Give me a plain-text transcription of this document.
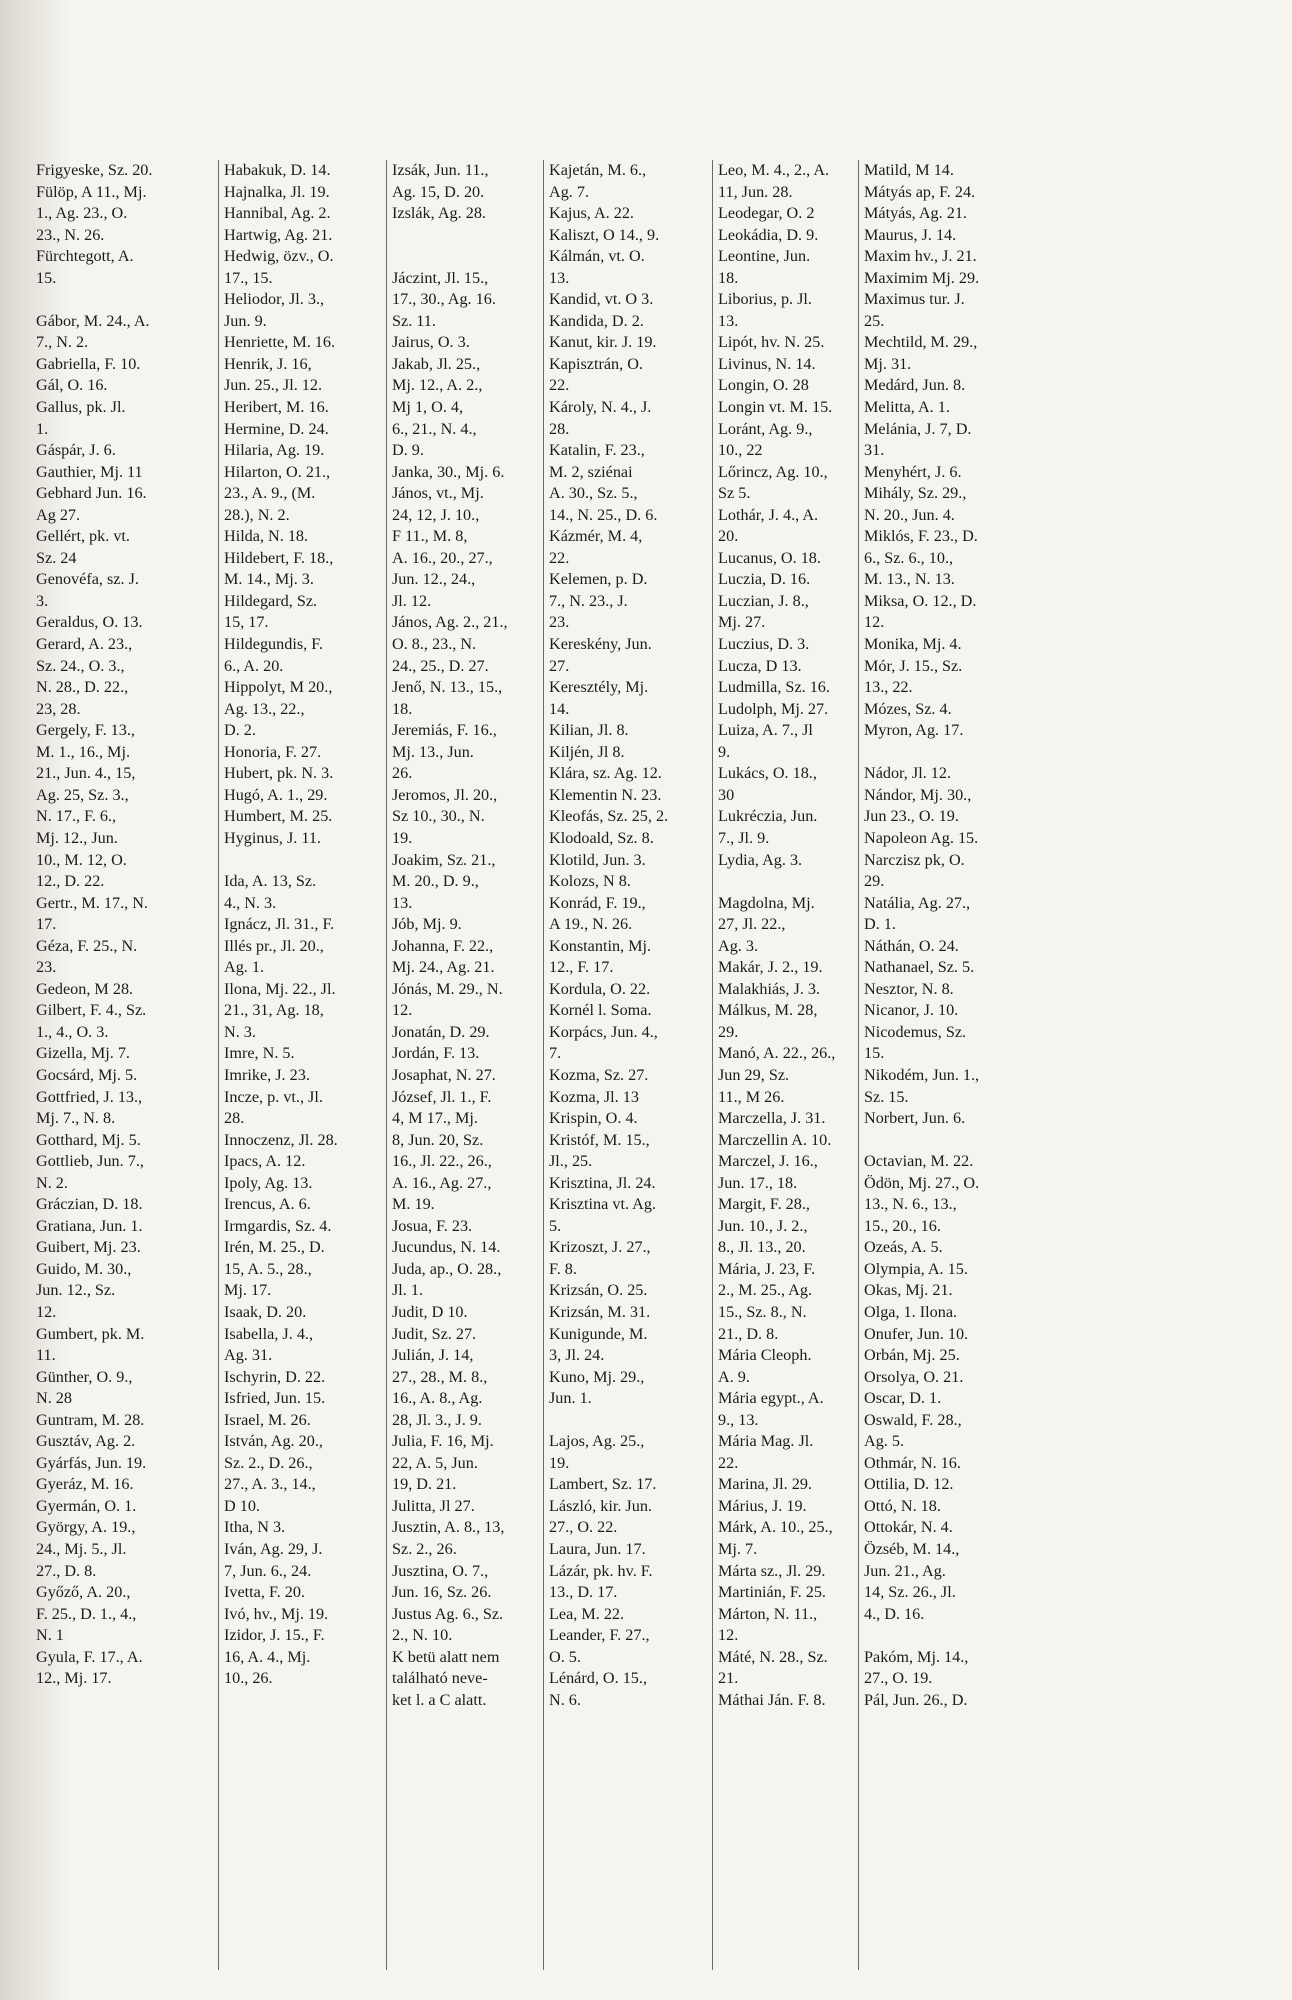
Frigyeske, Sz. 20.
Fülöp, A 11., Mj.
1., Ag. 23., O.
23., N. 26.
Fürchtegott, A.
15.

Gábor, M. 24., A.
7., N. 2.
Gabriella, F. 10.
Gál, O. 16.
Gallus, pk. Jl.
1.
Gáspár, J. 6.
Gauthier, Mj. 11
Gebhard Jun. 16.
Ag 27.
Gellért, pk. vt.
Sz. 24
Genovéfa, sz. J.
3.
Geraldus, O. 13.
Gerard, A. 23.,
Sz. 24., O. 3.,
N. 28., D. 22.,
23, 28.
Gergely, F. 13.,
M. 1., 16., Mj.
21., Jun. 4., 15,
Ag. 25, Sz. 3.,
N. 17., F. 6.,
Mj. 12., Jun.
10., M. 12, O.
12., D. 22.
Gertr., M. 17., N.
17.
Géza, F. 25., N.
23.
Gedeon, M 28.
Gilbert, F. 4., Sz.
1., 4., O. 3.
Gizella, Mj. 7.
Gocsárd, Mj. 5.
Gottfried, J. 13.,
Mj. 7., N. 8.
Gotthard, Mj. 5.
Gottlieb, Jun. 7.,
N. 2.
Gráczian, D. 18.
Gratiana, Jun. 1.
Guibert, Mj. 23.
Guido, M. 30.,
Jun. 12., Sz.
12.
Gumbert, pk. M.
11.
Günther, O. 9.,
N. 28
Guntram, M. 28.
Gusztáv, Ag. 2.
Gyárfás, Jun. 19.
Gyeráz, M. 16.
Gyermán, O. 1.
György, A. 19.,
24., Mj. 5., Jl.
27., D. 8.
Győző, A. 20.,
F. 25., D. 1., 4.,
N. 1
Gyula, F. 17., A.
12., Mj. 17.
Habakuk, D. 14.
Hajnalka, Jl. 19.
Hannibal, Ag. 2.
Hartwig, Ag. 21.
Hedwig, özv., O.
17., 15.
Heliodor, Jl. 3.,
Jun. 9.
Henriette, M. 16.
Henrik, J. 16,
Jun. 25., Jl. 12.
Heribert, M. 16.
Hermine, D. 24.
Hilaria, Ag. 19.
Hilarton, O. 21.,
23., A. 9., (M.
28.), N. 2.
Hilda, N. 18.
Hildebert, F. 18.,
M. 14., Mj. 3.
Hildegard, Sz.
15, 17.
Hildegundis, F.
6., A. 20.
Hippolyt, M 20.,
Ag. 13., 22.,
D. 2.
Honoria, F. 27.
Hubert, pk. N. 3.
Hugó, A. 1., 29.
Humbert, M. 25.
Hyginus, J. 11.

Ida, A. 13, Sz.
4., N. 3.
Ignácz, Jl. 31., F.
Illés pr., Jl. 20.,
Ag. 1.
Ilona, Mj. 22., Jl.
21., 31, Ag. 18,
N. 3.
Imre, N. 5.
Imrike, J. 23.
Incze, p. vt., Jl.
28.
Innoczenz, Jl. 28.
Ipacs, A. 12.
Ipoly, Ag. 13.
Irencus, A. 6.
Irmgardis, Sz. 4.
Irén, M. 25., D.
15, A. 5., 28.,
Mj. 17.
Isaak, D. 20.
Isabella, J. 4.,
Ag. 31.
Ischyrin, D. 22.
Isfried, Jun. 15.
Israel, M. 26.
István, Ag. 20.,
Sz. 2., D. 26.,
27., A. 3., 14.,
D 10.
Itha, N 3.
Iván, Ag. 29, J.
7, Jun. 6., 24.
Ivetta, F. 20.
Ivó, hv., Mj. 19.
Izidor, J. 15., F.
16, A. 4., Mj.
10., 26.
Izsák, Jun. 11.,
Ag. 15, D. 20.
Izslák, Ag. 28.

Jáczint, Jl. 15.,
17., 30., Ag. 16.
Sz. 11.
Jairus, O. 3.
Jakab, Jl. 25.,
Mj. 12., A. 2.,
Mj 1, O. 4,
6., 21., N. 4.,
D. 9.
Janka, 30., Mj. 6.
János, vt., Mj.
24, 12, J. 10.,
F 11., M. 8,
A. 16., 20., 27.,
Jun. 12., 24.,
Jl. 12.
János, Ag. 2., 21.,
O. 8., 23., N.
24., 25., D. 27.
Jenő, N. 13., 15.,
18.
Jeremiás, F. 16.,
Mj. 13., Jun.
26.
Jeromos, Jl. 20.,
Sz 10., 30., N.
19.
Joakim, Sz. 21.,
M. 20., D. 9.,
13.
Jób, Mj. 9.
Johanna, F. 22.,
Mj. 24., Ag. 21.
Jónás, M. 29., N.
12.
Jonatán, D. 29.
Jordán, F. 13.
Josaphat, N. 27.
József, Jl. 1., F.
4, M 17., Mj.
8, Jun. 20, Sz.
16., Jl. 22., 26.,
A. 16., Ag. 27.,
M. 19.
Josua, F. 23.
Jucundus, N. 14.
Juda, ap., O. 28.,
Jl. 1.
Judit, D 10.
Judit, Sz. 27.
Julián, J. 14,
27., 28., M. 8.,
16., A. 8., Ag.
28, Jl. 3., J. 9.
Julia, F. 16, Mj.
22, A. 5, Jun.
19, D. 21.
Julitta, Jl 27.
Jusztin, A. 8., 13,
Sz. 2., 26.
Jusztina, O. 7.,
Jun. 16, Sz. 26.
Justus Ag. 6., Sz.
2., N. 10.
K betü alatt nem
található neve-
ket l. a C alatt.
Kajetán, M. 6.,
Ag. 7.
Kajus, A. 22.
Kaliszt, O 14., 9.
Kálmán, vt. O.
13.
Kandid, vt. O 3.
Kandida, D. 2.
Kanut, kir. J. 19.
Kapisztrán, O.
22.
Károly, N. 4., J.
28.
Katalin, F. 23.,
M. 2, sziénai
A. 30., Sz. 5.,
14., N. 25., D. 6.
Kázmér, M. 4,
22.
Kelemen, p. D.
7., N. 23., J.
23.
Kereskény, Jun.
27.
Keresztély, Mj.
14.
Kilian, Jl. 8.
Kiljén, Jl 8.
Klára, sz. Ag. 12.
Klementin N. 23.
Kleofás, Sz. 25, 2.
Klodoald, Sz. 8.
Klotild, Jun. 3.
Kolozs, N 8.
Konrád, F. 19.,
A 19., N. 26.
Konstantin, Mj.
12., F. 17.
Kordula, O. 22.
Kornél l. Soma.
Korpács, Jun. 4.,
7.
Kozma, Sz. 27.
Kozma, Jl. 13
Krispin, O. 4.
Kristóf, M. 15.,
Jl., 25.
Krisztina, Jl. 24.
Krisztina vt. Ag.
5.
Krizoszt, J. 27.,
F. 8.
Krizsán, O. 25.
Krizsán, M. 31.
Kunigunde, M.
3, Jl. 24.
Kuno, Mj. 29.,
Jun. 1.

Lajos, Ag. 25.,
19.
Lambert, Sz. 17.
László, kir. Jun.
27., O. 22.
Laura, Jun. 17.
Lázár, pk. hv. F.
13., D. 17.
Lea, M. 22.
Leander, F. 27.,
O. 5.
Lénárd, O. 15.,
N. 6.
Leo, M. 4., 2., A.
11, Jun. 28.
Leodegar, O. 2
Leokádia, D. 9.
Leontine, Jun.
18.
Liborius, p. Jl.
13.
Lipót, hv. N. 25.
Livinus, N. 14.
Longin, O. 28
Longin vt. M. 15.
Loránt, Ag. 9.,
10., 22
Lőrincz, Ag. 10.,
Sz 5.
Lothár, J. 4., A.
20.
Lucanus, O. 18.
Luczia, D. 16.
Luczian, J. 8.,
Mj. 27.
Luczius, D. 3.
Lucza, D 13.
Ludmilla, Sz. 16.
Ludolph, Mj. 27.
Luiza, A. 7., Jl
9.
Lukács, O. 18.,
30
Lukréczia, Jun.
7., Jl. 9.
Lydia, Ag. 3.

Magdolna, Mj.
27, Jl. 22.,
Ag. 3.
Makár, J. 2., 19.
Malakhiás, J. 3.
Málkus, M. 28,
29.
Manó, A. 22., 26.,
Jun 29, Sz.
11., M 26.
Marczella, J. 31.
Marczellin A. 10.
Marczel, J. 16.,
Jun. 17., 18.
Margit, F. 28.,
Jun. 10., J. 2.,
8., Jl. 13., 20.
Mária, J. 23, F.
2., M. 25., Ag.
15., Sz. 8., N.
21., D. 8.
Mária Cleoph.
A. 9.
Mária egypt., A.
9., 13.
Mária Mag. Jl.
22.
Marina, Jl. 29.
Márius, J. 19.
Márk, A. 10., 25.,
Mj. 7.
Márta sz., Jl. 29.
Martinián, F. 25.
Márton, N. 11.,
12.
Máté, N. 28., Sz.
21.
Máthai Ján. F. 8.
Matild, M 14.
Mátyás ap, F. 24.
Mátyás, Ag. 21.
Maurus, J. 14.
Maxim hv., J. 21.
Maximim Mj. 29.
Maximus tur. J.
25.
Mechtild, M. 29.,
Mj. 31.
Medárd, Jun. 8.
Melitta, A. 1.
Melánia, J. 7, D.
31.
Menyhért, J. 6.
Mihály, Sz. 29.,
N. 20., Jun. 4.
Miklós, F. 23., D.
6., Sz. 6., 10.,
M. 13., N. 13.
Miksa, O. 12., D.
12.
Monika, Mj. 4.
Mór, J. 15., Sz.
13., 22.
Mózes, Sz. 4.
Myron, Ag. 17.

Nádor, Jl. 12.
Nándor, Mj. 30.,
Jun 23., O. 19.
Napoleon Ag. 15.
Narczisz pk, O.
29.
Natália, Ag. 27.,
D. 1.
Náthán, O. 24.
Nathanael, Sz. 5.
Nesztor, N. 8.
Nicanor, J. 10.
Nicodemus, Sz.
15.
Nikodém, Jun. 1.,
Sz. 15.
Norbert, Jun. 6.

Octavian, M. 22.
Ödön, Mj. 27., O.
13., N. 6., 13.,
15., 20., 16.
Ozeás, A. 5.
Olympia, A. 15.
Okas, Mj. 21.
Olga, 1. Ilona.
Onufer, Jun. 10.
Orbán, Mj. 25.
Orsolya, O. 21.
Oscar, D. 1.
Oswald, F. 28.,
Ag. 5.
Othmár, N. 16.
Ottilia, D. 12.
Ottó, N. 18.
Ottokár, N. 4.
Özséb, M. 14.,
Jun. 21., Ag.
14, Sz. 26., Jl.
4., D. 16.

Pakóm, Mj. 14.,
27., O. 19.
Pál, Jun. 26., D.
